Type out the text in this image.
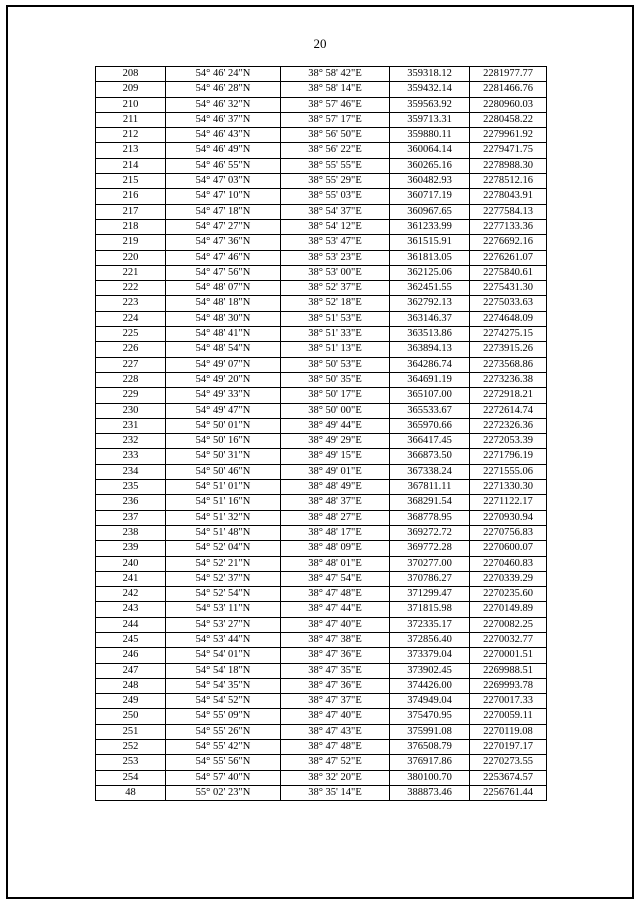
20
208	54° 46' 24"N	38° 58' 42"E	359318.12	2281977.77
209	54° 46' 28"N	38° 58' 14"E	359432.14	2281466.76
210	54° 46' 32"N	38° 57' 46"E	359563.92	2280960.03
211	54° 46' 37"N	38° 57' 17"E	359713.31	2280458.22
212	54° 46' 43"N	38° 56' 50"E	359880.11	2279961.92
213	54° 46' 49"N	38° 56' 22"E	360064.14	2279471.75
214	54° 46' 55"N	38° 55' 55"E	360265.16	2278988.30
215	54° 47' 03"N	38° 55' 29"E	360482.93	2278512.16
216	54° 47' 10"N	38° 55' 03"E	360717.19	2278043.91
217	54° 47' 18"N	38° 54' 37"E	360967.65	2277584.13
218	54° 47' 27"N	38° 54' 12"E	361233.99	2277133.36
219	54° 47' 36"N	38° 53' 47"E	361515.91	2276692.16
220	54° 47' 46"N	38° 53' 23"E	361813.05	2276261.07
221	54° 47' 56"N	38° 53' 00"E	362125.06	2275840.61
222	54° 48' 07"N	38° 52' 37"E	362451.55	2275431.30
223	54° 48' 18"N	38° 52' 18"E	362792.13	2275033.63
224	54° 48' 30"N	38° 51' 53"E	363146.37	2274648.09
225	54° 48' 41"N	38° 51' 33"E	363513.86	2274275.15
226	54° 48' 54"N	38° 51' 13"E	363894.13	2273915.26
227	54° 49' 07"N	38° 50' 53"E	364286.74	2273568.86
228	54° 49' 20"N	38° 50' 35"E	364691.19	2273236.38
229	54° 49' 33"N	38° 50' 17"E	365107.00	2272918.21
230	54° 49' 47"N	38° 50' 00"E	365533.67	2272614.74
231	54° 50' 01"N	38° 49' 44"E	365970.66	2272326.36
232	54° 50' 16"N	38° 49' 29"E	366417.45	2272053.39
233	54° 50' 31"N	38° 49' 15"E	366873.50	2271796.19
234	54° 50' 46"N	38° 49' 01"E	367338.24	2271555.06
235	54° 51' 01"N	38° 48' 49"E	367811.11	2271330.30
236	54° 51' 16"N	38° 48' 37"E	368291.54	2271122.17
237	54° 51' 32"N	38° 48' 27"E	368778.95	2270930.94
238	54° 51' 48"N	38° 48' 17"E	369272.72	2270756.83
239	54° 52' 04"N	38° 48' 09"E	369772.28	2270600.07
240	54° 52' 21"N	38° 48' 01"E	370277.00	2270460.83
241	54° 52' 37"N	38° 47' 54"E	370786.27	2270339.29
242	54° 52' 54"N	38° 47' 48"E	371299.47	2270235.60
243	54° 53' 11"N	38° 47' 44"E	371815.98	2270149.89
244	54° 53' 27"N	38° 47' 40"E	372335.17	2270082.25
245	54° 53' 44"N	38° 47' 38"E	372856.40	2270032.77
246	54° 54' 01"N	38° 47' 36"E	373379.04	2270001.51
247	54° 54' 18"N	38° 47' 35"E	373902.45	2269988.51
248	54° 54' 35"N	38° 47' 36"E	374426.00	2269993.78
249	54° 54' 52"N	38° 47' 37"E	374949.04	2270017.33
250	54° 55' 09"N	38° 47' 40"E	375470.95	2270059.11
251	54° 55' 26"N	38° 47' 43"E	375991.08	2270119.08
252	54° 55' 42"N	38° 47' 48"E	376508.79	2270197.17
253	54° 55' 56"N	38° 47' 52"E	376917.86	2270273.55
254	54° 57' 40"N	38° 32' 20"E	380100.70	2253674.57
48	55° 02' 23"N	38° 35' 14"E	388873.46	2256761.44
